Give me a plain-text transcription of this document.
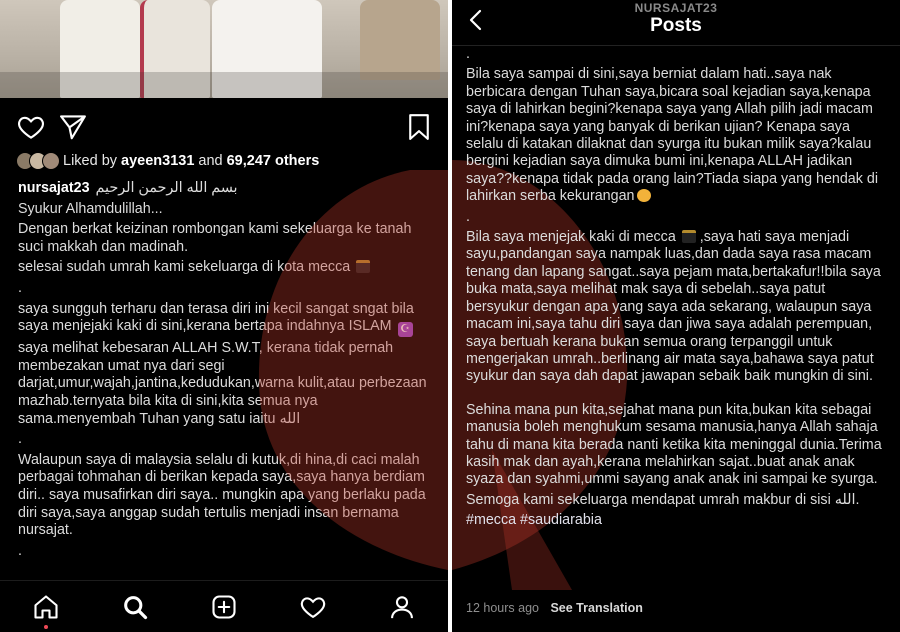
Liked by ayeen3131 and 69,247 others

nursajat23 بسم الله الرحمن الرحيم

Syukur Alhamdulillah...

Dengan berkat keizinan rombongan kami sekeluarga ke tanah suci makkah dan madinah.

selesai sudah umrah kami sekeluarga di kota mecca

.

saya sungguh terharu dan terasa diri ini kecil sangat sngat bila saya menjejaki kaki di sini,kerana bertapa indahnya ISLAM ☪

saya melihat kebesaran ALLAH S.W.T, kerana tidak pernah membezakan umat nya dari segi darjat,umur,wajah,jantina,kedudukan,warna kulit,atau perbezaan mazhab.ternyata bila kita di sini,kita semua nya sama.menyembah Tuhan yang satu iaitu الله

.

Walaupun saya di malaysia selalu di kutuk,di hina,di caci malah perbagai tohmahan di berikan kepada saya,saya hanya berdiam diri.. saya musafirkan diri saya.. mungkin apa yang berlaku pada diri saya,saya anggap sudah tertulis menjadi insan bernama nursajat.

.

NURSAJAT23
Posts

.

Bila saya sampai di sini,saya berniat dalam hati..saya nak berbicara dengan Tuhan saya,bicara soal kejadian saya,kenapa saya di lahirkan begini?kenapa saya yang Allah pilih jadi macam ini?kenapa saya yang banyak di berikan ujian? Kenapa saya selalu di katakan dilaknat dan syurga itu bukan milik saya?kalau bergini kejadian saya dimuka bumi ini,kenapa ALLAH jadikan saya??kenapa tidak pada orang lain?Tiada siapa yang hendak di lahirkan serba kekurangan

.

Bila saya menjejak kaki di mecca ,saya hati saya menjadi sayu,pandangan saya nampak luas,dan dada saya rasa macam tenang dan lapang sangat..saya pejam mata,bertakafur!!bila saya buka mata,saya melihat mak saya di sebelah..saya patut bersyukur dengan apa yang saya ada sekarang, walaupun saya macam ini,saya tahu diri saya dan jiwa saya adalah perempuan, saya bertuah kerana bukan semua orang terpanggil untuk mengerjakan umrah..berlinang air mata saya,bahawa saya patut syukur dan saya dah dapat jawapan sebaik baik mungkin di sini.

Sehina mana pun kita,sejahat mana pun kita,bukan kita sebagai manusia boleh menghukum sesama manusia,hanya Allah sahaja tahu di mana kita berada nanti ketika kita meninggal dunia.Terima kasih mak dan ayah,kerana melahirkan sajat..buat anak anak syaza dan syahmi,ummi sayang anak anak ini sampai ke syurga.

Semoga kami sekeluarga mendapat umrah makbur di sisi الله.

#mecca #saudiarabia

12 hours ago See Translation
